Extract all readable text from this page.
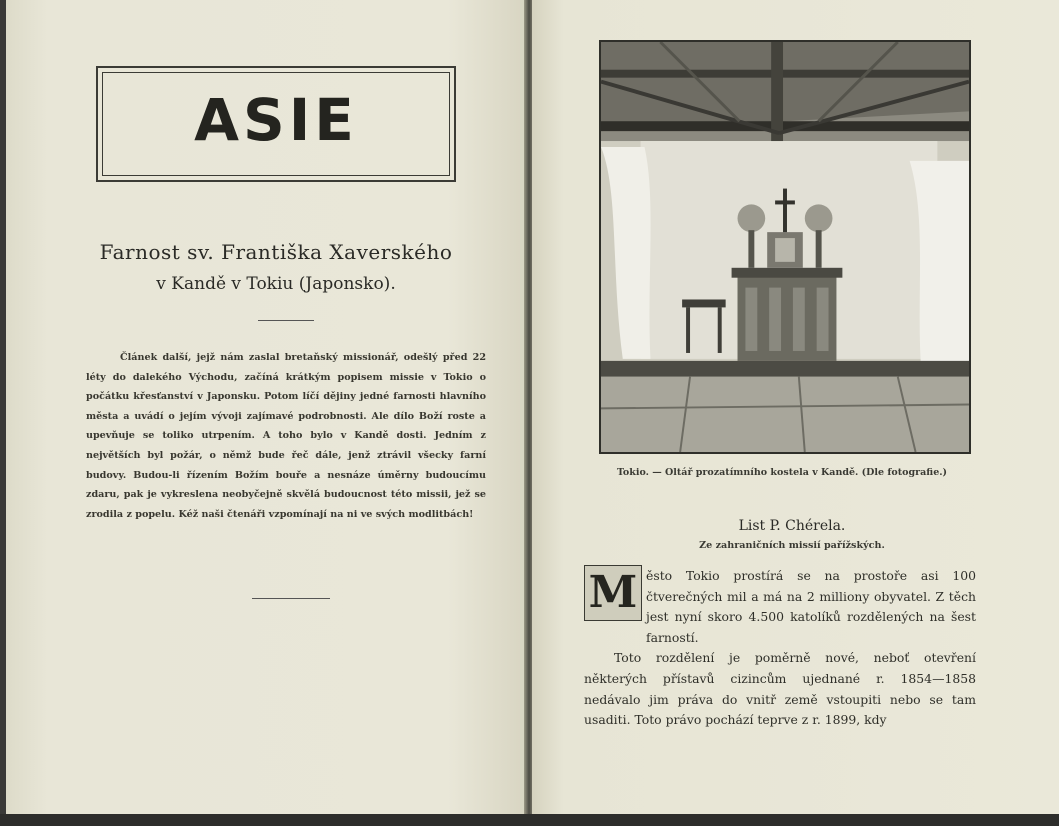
ASIE
Farnost sv. Františka Xaverského
v Kandě v Tokiu (Japonsko).
Článek další, jejž nám zaslal bretaňský missionář, odešlý před 22 léty do dalekého Východu, začíná krátkým popisem missie v Tokio o počátku křesťanství v Japonsku. Potom líčí dějiny jedné farnosti hlavního města a uvádí o jejím vývoji zajímavé podrobnosti. Ale dílo Boží roste a upevňuje se toliko utrpením. A toho bylo v Kandě dosti. Jedním z největších byl požár, o němž bude řeč dále, jenž ztrávil všecky farní budovy. Budou-li řízením Božím bouře a nesnáze úměrny budoucímu zdaru, pak je vykreslena neobyčejně skvělá budoucnost této missii, jež se zrodila z popelu. Kéž naši čtenáři vzpomínají na ni ve svých modlitbách!
Tokio. — Oltář prozatímního kostela v Kandě. (Dle fotografie.)
List P. Chérela.
Ze zahraničních missií pařížských.
M ěsto Tokio prostírá se na prostoře asi 100 čtverečných mil a má na 2 milliony obyvatel. Z těch jest nyní skoro 4.500 katolíků rozdělených na šest farností.

Toto rozdělení je poměrně nové, neboť otevření některých přístavů cizincům ujednané r. 1854—1858 nedávalo jim práva do vnitř země vstoupiti nebo se tam usaditi. Toto právo pochází teprve z r. 1899, kdy
